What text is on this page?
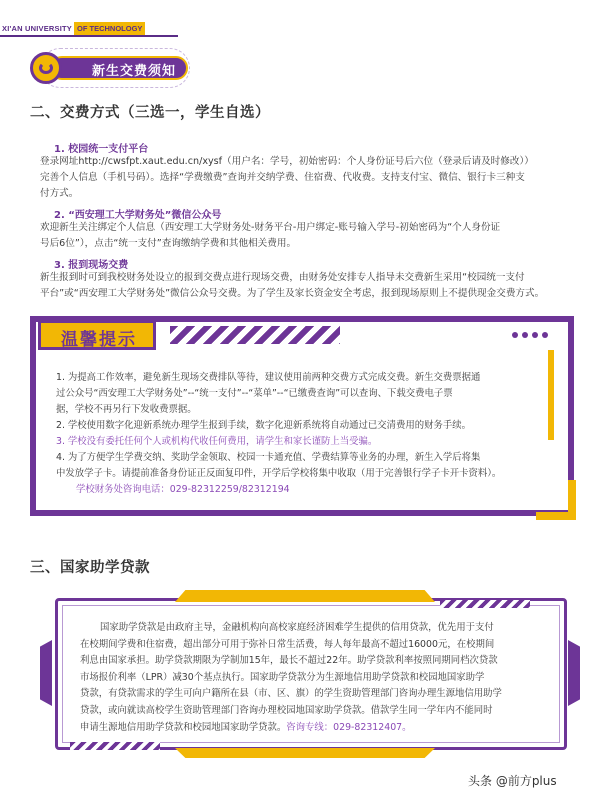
XI'AN UNIVERSITY OF TECHNOLOGY
新生交费须知
二、交费方式（三选一，学生自选）
1. 校园统一支付平台
登录网址http://cwsfpt.xaut.edu.cn/xysf（用户名：学号，初始密码：个人身份证号后六位（登录后请及时修改））
完善个人信息（手机号码）。选择“学费缴费”查询并交纳学费、住宿费、代收费。支持支付宝、微信、银行卡三种支
付方式。
2. “西安理工大学财务处”微信公众号
欢迎新生关注绑定个人信息（西安理工大学财务处-财务平台-用户绑定-账号输入学号-初始密码为“个人身份证
号后6位”），点击“统一支付”查询缴纳学费和其他相关费用。
3. 报到现场交费
新生报到时可到我校财务处设立的报到交费点进行现场交费，由财务处安排专人指导未交费新生采用“校园统一支付
平台”或“西安理工大学财务处”微信公众号交费。为了学生及家长资金安全考虑，报到现场原则上不提供现金交费方式。
温馨提示
1. 为提高工作效率，避免新生现场交费排队等待，建议使用前两种交费方式完成交费。新生交费票据通
过公众号“西安理工大学财务处”--“统一支付”--“菜单”--“已缴费查询”可以查询、下载交费电子票
据，学校不再另行下发收费票据。
2. 学校使用数字化迎新系统办理学生报到手续，数字化迎新系统将自动通过已交清费用的财务手续。
3. 学校没有委托任何个人或机构代收任何费用，请学生和家长谨防上当受骗。
4. 为了方便学生学费交纳、奖助学金领取、校园一卡通充值、学费结算等业务的办理，新生入学后将集
中发放学子卡。请提前准备身份证正反面复印件，开学后学校将集中收取（用于完善银行学子卡开卡资料）。
学校财务处咨询电话：029-82312259/82312194
三、国家助学贷款
国家助学贷款是由政府主导，金融机构向高校家庭经济困难学生提供的信用贷款，优先用于支付
在校期间学费和住宿费，超出部分可用于弥补日常生活费，每人每年最高不超过16000元，在校期间
利息由国家承担。助学贷款期限为学制加15年，最长不超过22年。助学贷款利率按照同期同档次贷款
市场报价利率（LPR）减30个基点执行。国家助学贷款分为生源地信用助学贷款和校园地国家助学
贷款，有贷款需求的学生可向户籍所在县（市、区、旗）的学生资助管理部门咨询办理生源地信用助学
贷款，或向就读高校学生资助管理部门咨询办理校园地国家助学贷款。借款学生同一学年内不能同时
申请生源地信用助学贷款和校园地国家助学贷款。咨询专线：029-82312407。
头条 @前方plus
